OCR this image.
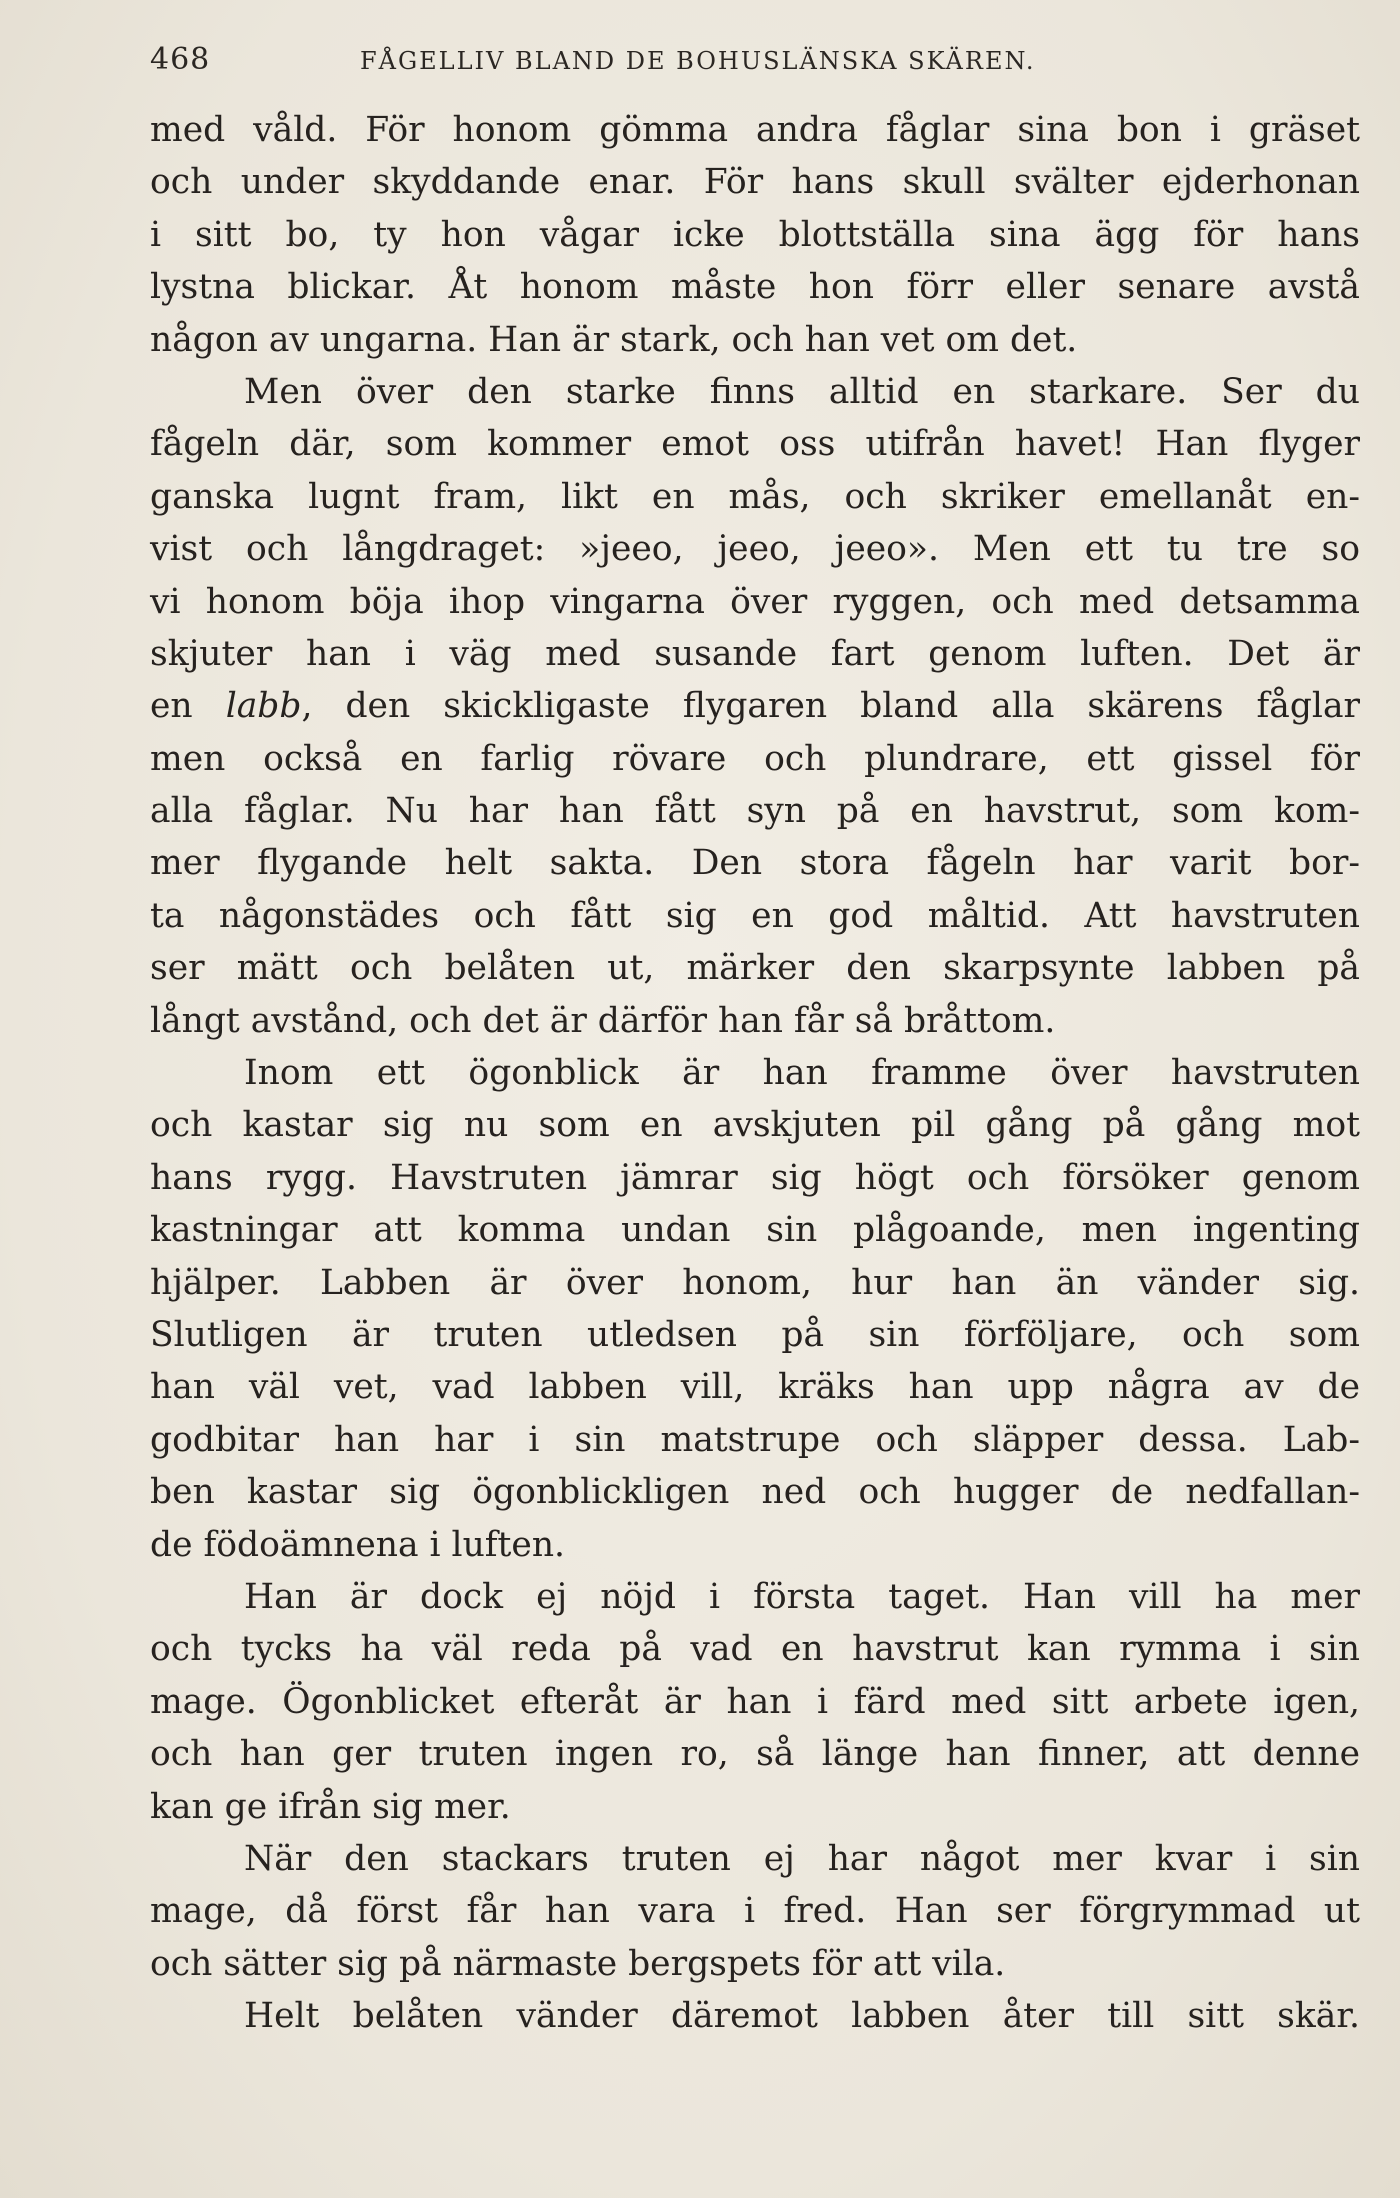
468	FÅGELLIV BLAND DE BOHUSLÄNSKA SKÄREN.
med våld. För honom gömma andra fåglar sina bon i gräset
och under skyddande enar. För hans skull svälter ejderhonan
i sitt bo, ty hon vågar icke blottställa sina ägg för hans
lystna blickar. Åt honom måste hon förr eller senare avstå
någon av ungarna. Han är stark, och han vet om det.
Men över den starke finns alltid en starkare. Ser du
fågeln där, som kommer emot oss utifrån havet! Han flyger
ganska lugnt fram, likt en mås, och skriker emellanåt en-
vist och långdraget: »jeeo, jeeo, jeeo». Men ett tu tre so
vi honom böja ihop vingarna över ryggen, och med detsamma
skjuter han i väg med susande fart genom luften. Det är
en labb, den skickligaste flygaren bland alla skärens fåglar
men också en farlig rövare och plundrare, ett gissel för
alla fåglar. Nu har han fått syn på en havstrut, som kom-
mer flygande helt sakta. Den stora fågeln har varit bor-
ta någonstädes och fått sig en god måltid. Att havstruten
ser mätt och belåten ut, märker den skarpsynte labben på
långt avstånd, och det är därför han får så bråttom.
Inom ett ögonblick är han framme över havstruten
och kastar sig nu som en avskjuten pil gång på gång mot
hans rygg. Havstruten jämrar sig högt och försöker genom
kastningar att komma undan sin plågoande, men ingenting
hjälper. Labben är över honom, hur han än vänder sig.
Slutligen är truten utledsen på sin förföljare, och som
han väl vet, vad labben vill, kräks han upp några av de
godbitar han har i sin matstrupe och släpper dessa. Lab-
ben kastar sig ögonblickligen ned och hugger de nedfallan-
de födoämnena i luften.
Han är dock ej nöjd i första taget. Han vill ha mer
och tycks ha väl reda på vad en havstrut kan rymma i sin
mage. Ögonblicket efteråt är han i färd med sitt arbete igen,
och han ger truten ingen ro, så länge han finner, att denne
kan ge ifrån sig mer.
När den stackars truten ej har något mer kvar i sin
mage, då först får han vara i fred. Han ser förgrymmad ut
och sätter sig på närmaste bergspets för att vila.
Helt belåten vänder däremot labben åter till sitt skär.
